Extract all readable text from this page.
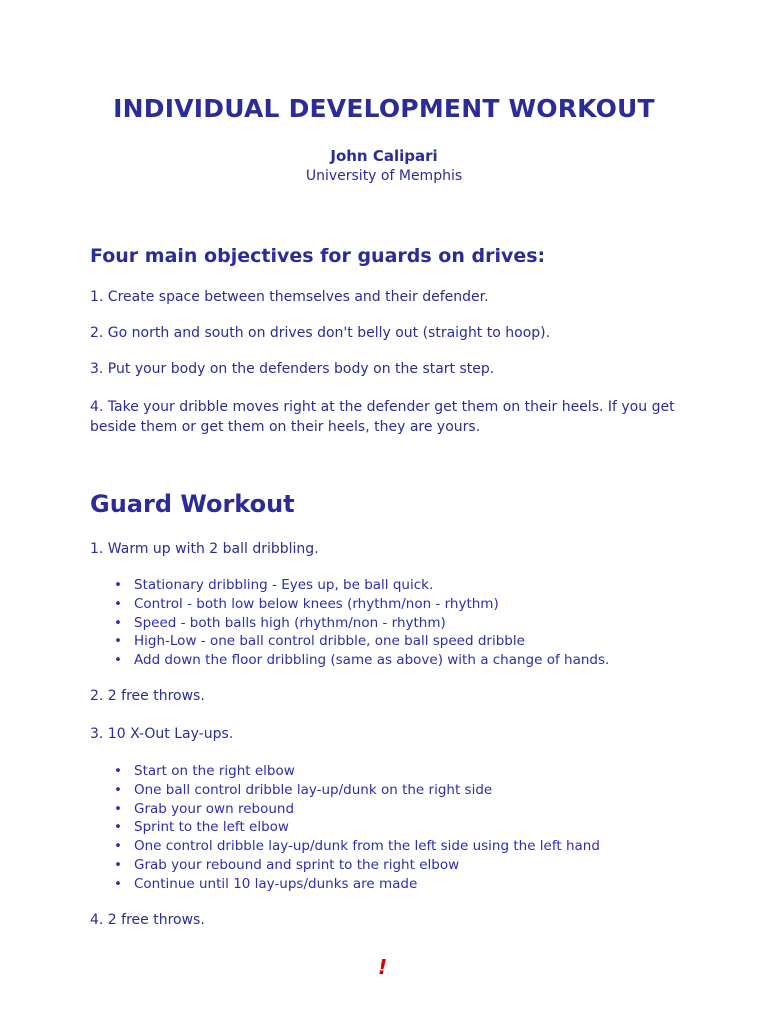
INDIVIDUAL DEVELOPMENT WORKOUT
John Calipari
University of Memphis
Four main objectives for guards on drives:

1. Create space between themselves and their defender.

2. Go north and south on drives don't belly out (straight to hoop).

3. Put your body on the defenders body on the start step.

4. Take your dribble moves right at the defender get them on their heels. If you get beside them or get them on their heels, they are yours.

Guard Workout

1. Warm up with 2 ball dribbling.

• Stationary dribbling - Eyes up, be ball quick.
• Control - both low below knees (rhythm/non - rhythm)
• Speed - both balls high (rhythm/non - rhythm)
• High-Low - one ball control dribble, one ball speed dribble
• Add down the floor dribbling (same as above) with a change of hands.

2. 2 free throws.

3. 10 X-Out Lay-ups.

• Start on the right elbow
• One ball control dribble lay-up/dunk on the right side
• Grab your own rebound
• Sprint to the left elbow
• One control dribble lay-up/dunk from the left side using the left hand
• Grab your rebound and sprint to the right elbow
• Continue until 10 lay-ups/dunks are made

4. 2 free throws.

!
